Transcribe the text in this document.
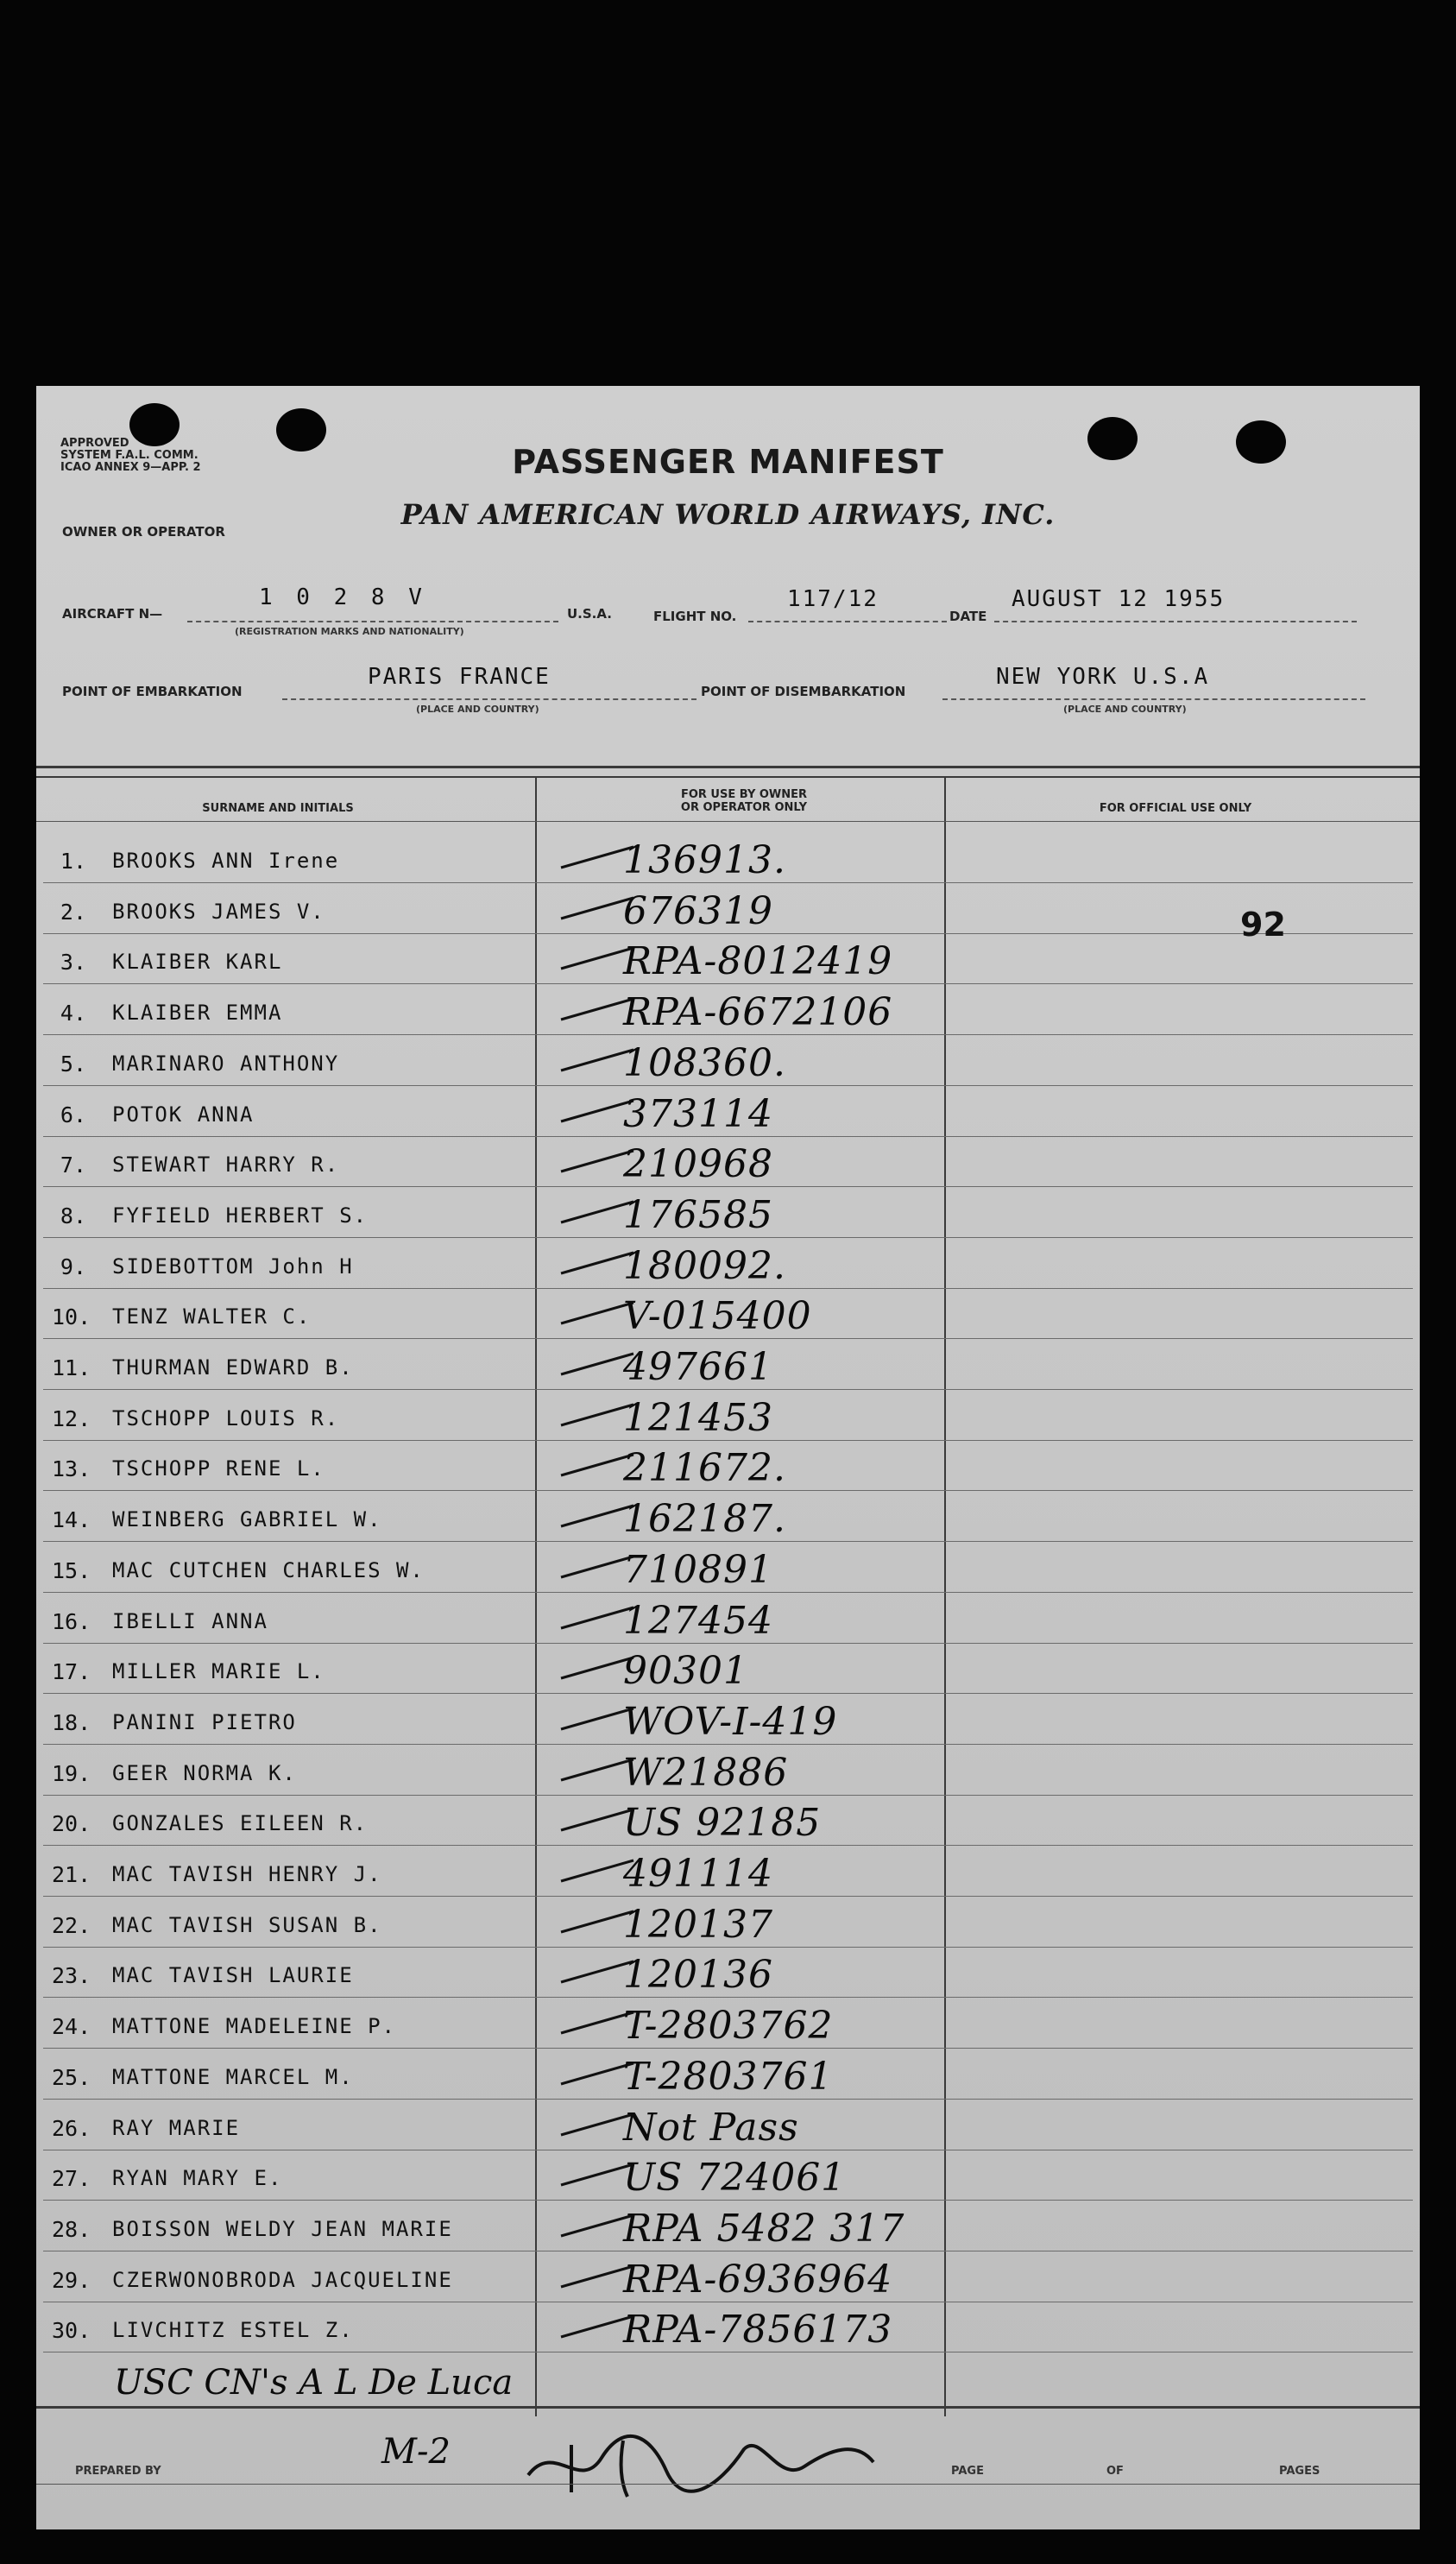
APPROVED
SYSTEM F.A.L. COMM.
ICAO ANNEX 9—APP. 2	PASSENGER MANIFEST
OWNER OR OPERATOR
PAN AMERICAN WORLD AIRWAYS, INC.
AIRCRAFT N—
1 0 2 8 V
(REGISTRATION MARKS AND NATIONALITY)
U.S.A.	FLIGHT NO.
117/12
DATE
AUGUST 12 1955
POINT OF EMBARKATION
PARIS FRANCE
(PLACE AND COUNTRY)
POINT OF DISEMBARKATION
NEW YORK U.S.A
(PLACE AND COUNTRY)
SURNAME AND INITIALS
FOR USE BY OWNER
OR OPERATOR ONLY	FOR OFFICIAL USE ONLY
1. BROOKS ANN Irene	136913.
2. BROOKS JAMES V.	676319
3. KLAIBER KARL	RPA-8012419
4. KLAIBER EMMA	RPA-6672106
5. MARINARO ANTHONY	108360.
6. POTOK ANNA	373114
7. STEWART HARRY R.	210968
8. FYFIELD HERBERT S.	176585
9. SIDEBOTTOM John H	180092.
10. TENZ WALTER C.	V-015400
11. THURMAN EDWARD B.	497661
12. TSCHOPP LOUIS R.	121453
13. TSCHOPP RENE L.	211672.
14. WEINBERG GABRIEL W.	162187.
15. MAC CUTCHEN CHARLES W.	710891
16. IBELLI ANNA	127454
17. MILLER MARIE L.	90301
18. PANINI PIETRO	WOV-I-419
19. GEER NORMA K.	W21886
20. GONZALES EILEEN R.	US 92185
21. MAC TAVISH HENRY J.	491114
22. MAC TAVISH SUSAN B.	120137
23. MAC TAVISH LAURIE	120136
24. MATTONE MADELEINE P.	T-2803762
25. MATTONE MARCEL M.	T-2803761
26. RAY MARIE	Not Pass
27. RYAN MARY E.	US 724061
28. BOISSON WELDY JEAN MARIE	RPA 5482 317
29. CZERWONOBRODA JACQUELINE	RPA-6936964
30. LIVCHITZ ESTEL Z.	RPA-7856173
92
USC CN's A L De Luca
M-2
PREPARED BY	PAGE	OF	PAGES
